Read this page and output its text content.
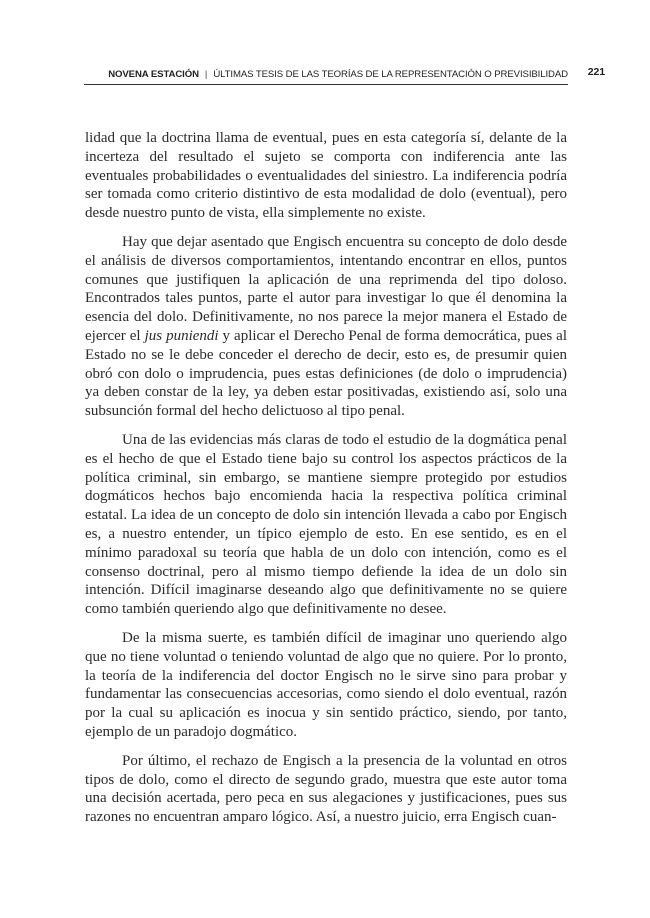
NOVENA ESTACIÓN | ÚLTIMAS TESIS DE LAS TEORÍAS DE LA REPRESENTACIÓN O PREVISIBILIDAD 221

lidad que la doctrina llama de eventual, pues en esta categoría sí, delante de la incerteza del resultado el sujeto se comporta con indiferencia ante las eventuales probabilidades o eventualidades del siniestro. La indiferencia podría ser tomada como criterio distintivo de esta modalidad de dolo (eventual), pero desde nuestro punto de vista, ella simplemente no existe.

Hay que dejar asentado que Engisch encuentra su concepto de dolo desde el análisis de diversos comportamientos, intentando encontrar en ellos, puntos comunes que justifiquen la aplicación de una reprimenda del tipo doloso. Encontrados tales puntos, parte el autor para investigar lo que él denomina la esencia del dolo. Definitivamente, no nos parece la mejor manera el Estado de ejercer el jus puniendi y aplicar el Derecho Penal de forma democrática, pues al Estado no se le debe conceder el derecho de decir, esto es, de presumir quien obró con dolo o imprudencia, pues estas definiciones (de dolo o imprudencia) ya deben constar de la ley, ya deben estar positivadas, existiendo así, solo una subsunción formal del hecho delictuoso al tipo penal.

Una de las evidencias más claras de todo el estudio de la dogmática penal es el hecho de que el Estado tiene bajo su control los aspectos prácticos de la política criminal, sin embargo, se mantiene siempre protegido por estudios dogmáticos hechos bajo encomienda hacia la respectiva política criminal estatal. La idea de un concepto de dolo sin intención llevada a cabo por Engisch es, a nuestro entender, un típico ejemplo de esto. En ese sentido, es en el mínimo paradoxal su teoría que habla de un dolo con intención, como es el consenso doctrinal, pero al mismo tiempo defiende la idea de un dolo sin intención. Difícil imaginarse deseando algo que definitivamente no se quiere como también queriendo algo que definitivamente no desee.

De la misma suerte, es también difícil de imaginar uno queriendo algo que no tiene voluntad o teniendo voluntad de algo que no quiere. Por lo pronto, la teoría de la indiferencia del doctor Engisch no le sirve sino para probar y fundamentar las consecuencias accesorias, como siendo el dolo eventual, razón por la cual su aplicación es inocua y sin sentido práctico, siendo, por tanto, ejemplo de un paradojo dogmático.

Por último, el rechazo de Engisch a la presencia de la voluntad en otros tipos de dolo, como el directo de segundo grado, muestra que este autor toma una decisión acertada, pero peca en sus alegaciones y justificaciones, pues sus razones no encuentran amparo lógico. Así, a nuestro juicio, erra Engisch cuan-
